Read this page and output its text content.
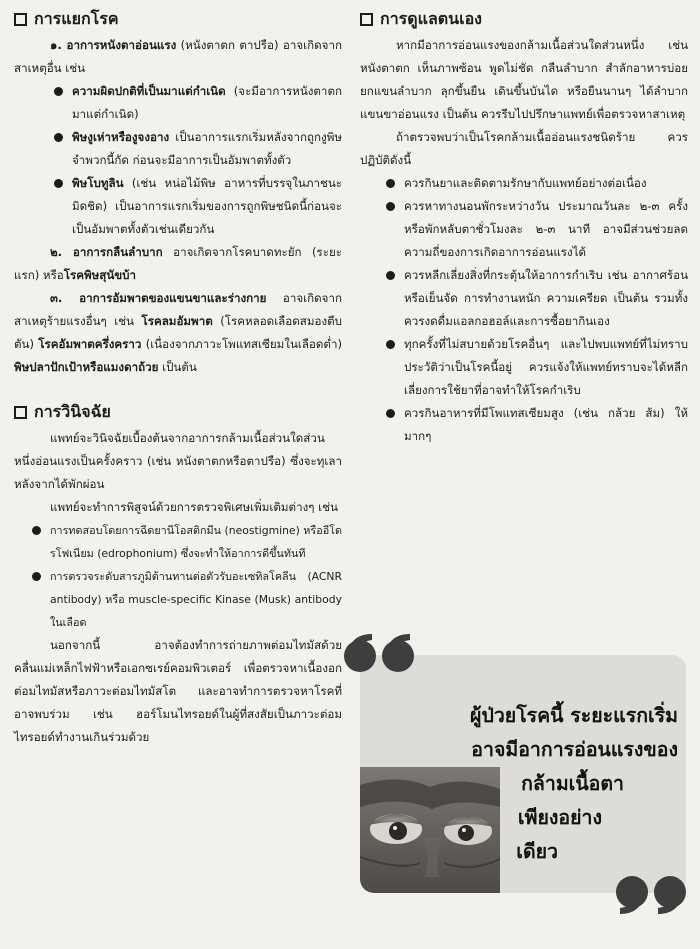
การแยกโรค

๑. อาการหนังตาอ่อนแรง (หนังตาตก ตาปรือ) อาจเกิดจากสาเหตุอื่น เช่น

ความผิดปกติที่เป็นมาแต่กำเนิด (จะมีอาการหนังตาตกมาแต่กำเนิด)
พิษงูเห่าหรืองูจงอาง เป็นอาการแรกเริ่มหลังจากถูกงูพิษจำพวกนี้กัด ก่อนจะมีอาการเป็นอัมพาตทั้งตัว
พิษโบทูลิน (เช่น หน่อไม้พิษ อาหารที่บรรจุในภาชนะมิดชิด) เป็นอาการแรกเริ่มของการถูกพิษชนิดนี้ก่อนจะเป็นอัมพาตทั้งตัวเช่นเดียวกัน

๒. อาการกลืนลำบาก อาจเกิดจากโรคบาดทะยัก (ระยะแรก) หรือโรคพิษสุนัขบ้า

๓. อาการอัมพาตของแขนขาและร่างกาย อาจเกิดจากสาเหตุร้ายแรงอื่นๆ เช่น โรคลมอัมพาต (โรคหลอดเลือดสมองตีบตัน) โรคอัมพาตครึ่งคราว (เนื่องจากภาวะโพแทสเซียมในเลือดต่ำ) พิษปลาปักเป้าหรือแมงดาถ้วย เป็นต้น

การวินิจฉัย

แพทย์จะวินิจฉัยเบื้องต้นจากอาการกล้ามเนื้อส่วนใดส่วนหนึ่งอ่อนแรงเป็นครั้งคราว (เช่น หนังตาตกหรือตาปรือ) ซึ่งจะทุเลาหลังจากได้พักผ่อน

แพทย์จะทำการพิสูจน์ด้วยการตรวจพิเศษเพิ่มเติมต่างๆ เช่น

การทดสอบโดยการฉีดยานีโอสติกมีน (neostigmine) หรืออีโดรโฟเนียม (edrophonium) ซึ่งจะทำให้อาการดีขึ้นทันที
การตรวจระดับสารภูมิต้านทานต่อตัวรับอะเซทิลโคลีน (ACNR antibody) หรือ muscle-specific Kinase (Musk) antibody ในเลือด

นอกจากนี้ อาจต้องทำการถ่ายภาพต่อมไทมัสด้วยคลื่นแม่เหล็กไฟฟ้าหรือเอกซเรย์คอมพิวเตอร์ เพื่อตรวจหาเนื้องอกต่อมไทมัสหรือภาวะต่อมไทมัสโต และอาจทำการตรวจหาโรคที่อาจพบร่วม เช่น ฮอร์โมนไทรอยด์ในผู้ที่สงสัยเป็นภาวะต่อมไทรอยด์ทำงานเกินร่วมด้วย

การดูแลตนเอง

หากมีอาการอ่อนแรงของกล้ามเนื้อส่วนใดส่วนหนึ่ง เช่น หนังตาตก เห็นภาพซ้อน พูดไม่ชัด กลืนลำบาก สำลักอาหารบ่อย ยกแขนลำบาก ลุกขึ้นยืน เดินขึ้นบันได หรือยืนนานๆ ได้ลำบาก แขนขาอ่อนแรง เป็นต้น ควรรีบไปปรึกษาแพทย์เพื่อตรวจหาสาเหตุ

ถ้าตรวจพบว่าเป็นโรคกล้ามเนื้ออ่อนแรงชนิดร้าย ควรปฏิบัติดังนี้

ควรกินยาและติดตามรักษากับแพทย์อย่างต่อเนื่อง
ควรหาทางนอนพักระหว่างวัน ประมาณวันละ ๒-๓ ครั้ง หรือพักหลับตาชั่วโมงละ ๒-๓ นาที อาจมีส่วนช่วยลดความถี่ของการเกิดอาการอ่อนแรงได้
ควรหลีกเลี่ยงสิ่งที่กระตุ้นให้อาการกำเริบ เช่น อากาศร้อนหรือเย็นจัด การทำงานหนัก ความเครียด เป็นต้น รวมทั้งควรงดดื่มแอลกอฮอล์และการซื้อยากินเอง
ทุกครั้งที่ไม่สบายด้วยโรคอื่นๆ และไปพบแพทย์ที่ไม่ทราบประวัติว่าเป็นโรคนี้อยู่ ควรแจ้งให้แพทย์ทราบจะได้หลีกเลี่ยงการใช้ยาที่อาจทำให้โรคกำเริบ
ควรกินอาหารที่มีโพแทสเซียมสูง (เช่น กล้วย ส้ม) ให้มากๆ
ผู้ป่วยโรคนี้ ระยะแรกเริ่ม
อาจมีอาการอ่อนแรงของ
กล้ามเนื้อตา
เพียงอย่าง
เดียว
